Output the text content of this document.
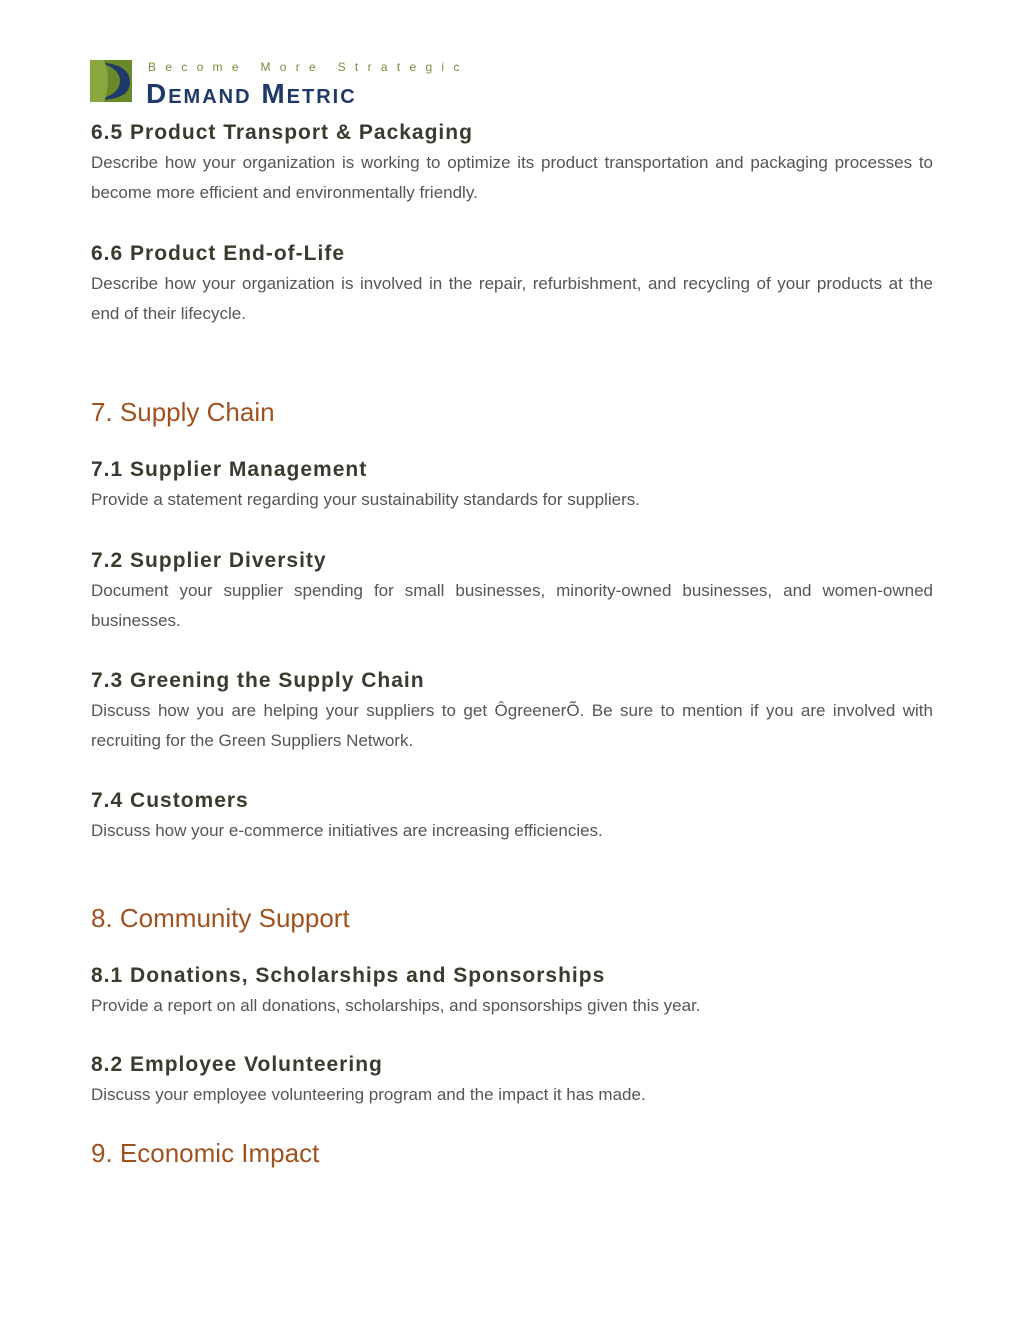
Become More Strategic
Demand Metric
6.5 Product Transport & Packaging

Describe how your organization is working to optimize its product transportation and packaging processes to become more efficient and environmentally friendly.

6.6 Product End-of-Life

Describe how your organization is involved in the repair, refurbishment, and recycling of your products at the end of their lifecycle.

7. Supply Chain
7.1 Supplier Management

Provide a statement regarding your sustainability standards for suppliers.

7.2 Supplier Diversity

Document your supplier spending for small businesses, minority-owned businesses, and women-owned businesses.

7.3 Greening the Supply Chain

Discuss how you are helping your suppliers to get ÔgreenerÕ. Be sure to mention if you are involved with recruiting for the Green Suppliers Network.

7.4 Customers

Discuss how your e-commerce initiatives are increasing efficiencies.

8. Community Support
8.1 Donations, Scholarships and Sponsorships

Provide a report on all donations, scholarships, and sponsorships given this year.

8.2 Employee Volunteering

Discuss your employee volunteering program and the impact it has made.

9. Economic Impact
